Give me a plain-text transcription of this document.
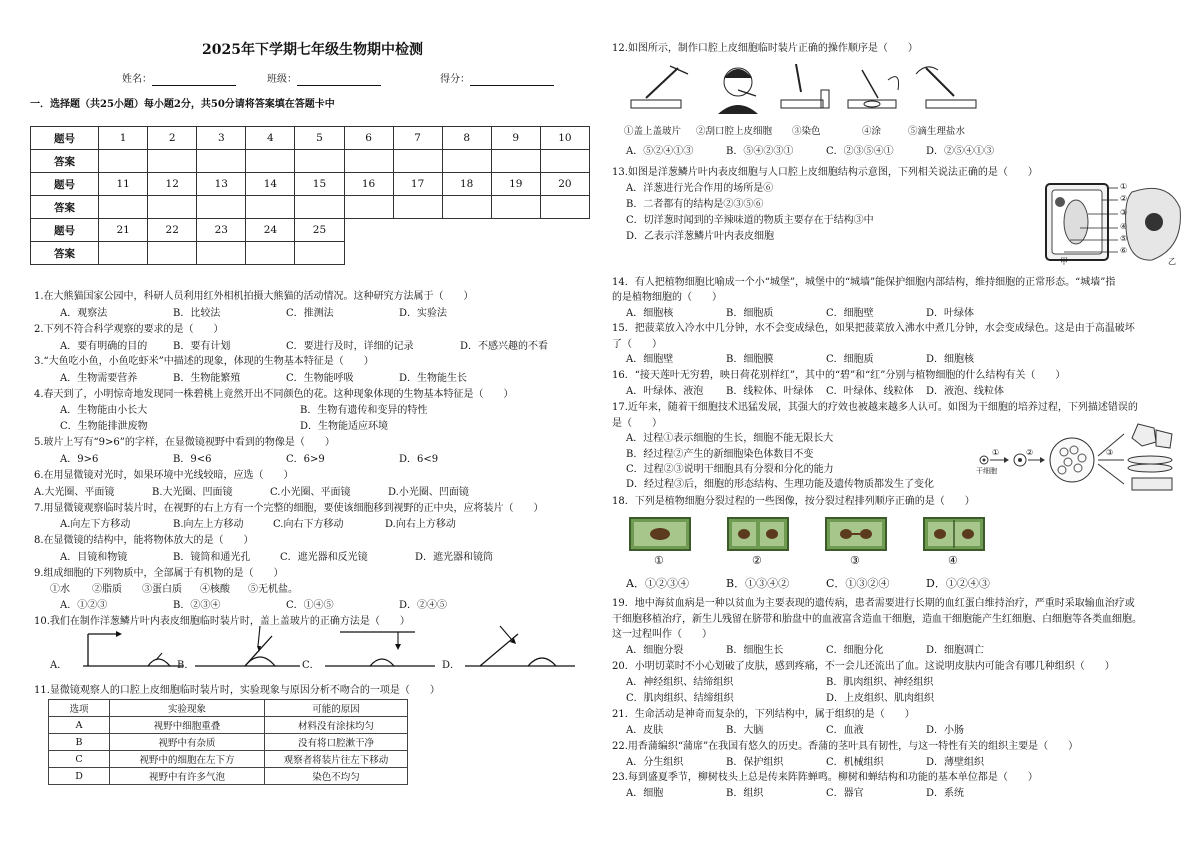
2025年下学期七年级生物期中检测
姓名：	班级：	得分：
一．选择题（共25小题）每小题2分，共50分请将答案填在答题卡中
题号	1	2	3	4	5	6	7	8	9	10
答案										
题号	11	12	13	14	15	16	17	18	19	20
答案										
题号	21	22	23	24	25					
答案										
1.在大熊猫国家公园中，科研人员利用红外相机拍摄大熊猫的活动情况。这种研究方法属于（　　）
A．观察法	B．比较法	C．推测法	D．实验法
2.下列不符合科学观察的要求的是（　　）
A．要有明确的目的	B．要有计划	C．要进行及时，详细的记录	D．不感兴趣的不看
3.“大鱼吃小鱼，小鱼吃虾米”中描述的现象，体现的生物基本特征是（　　）
A．生物需要营养	B．生物能繁殖	C．生物能呼吸	D．生物能生长
4.春天到了，小明惊奇地发现同一株碧桃上竟然开出不同颜色的花。这种现象体现的生物基本特征是（　　）
A．生物能由小长大	B．生物有遗传和变异的特性
C．生物能排泄废物	D．生物能适应环境
5.玻片上写有“9>6”的字样，在显微镜视野中看到的物像是（　　）
A．9>6	B．9<6	C．6>9	D．6<9
6.在用显微镜对光时，如果环境中光线较暗，应选（　　）
A.大光圈、平面镜	B.大光圈、凹面镜	C.小光圈、平面镜	D.小光圈、凹面镜
7.用显微镜观察临时装片时，在视野的右上方有一个完整的细胞，要使该细胞移到视野的正中央，应将装片（　　）
A.向左下方移动	B.向左上方移动	C.向右下方移动	D.向右上方移动
8.在显微镜的结构中，能将物体放大的是（　　）
A．目镜和物镜	B．镜筒和通光孔	C．遮光器和反光镜	D．遮光器和镜筒
9.组成细胞的下列物质中，全部属于有机物的是（　　）
①水 ②脂质 ③蛋白质 ④核酸 ⑤无机盐。
A．①②③	B．②③④	C．①④⑤	D．②④⑤
10.我们在制作洋葱鳞片叶内表皮细胞临时装片时，盖上盖玻片的正确方法是（　　）
A．	B．	C．	D．
11.显微镜观察人的口腔上皮细胞临时装片时，实验现象与原因分析不吻合的一项是（　　）
选项	实验现象	可能的原因
A	视野中细胞重叠	材料没有涂抹均匀
B	视野中有杂质	没有将口腔漱干净
C	视野中的细胞在左下方	观察者将装片往左下移动
D	视野中有许多气泡	染色不均匀
12.如图所示，制作口腔上皮细胞临时装片正确的操作顺序是（　　）
①盖上盖玻片 ②刮口腔上皮细胞 ③染色	④涂	⑤滴生理盐水
A．⑤②④①③	B．⑤④②③①	C．②③⑤④①	D．②⑤④①③
13.如图是洋葱鳞片叶内表皮细胞与人口腔上皮细胞结构示意图，下列相关说法正确的是（　　）
A．洋葱进行光合作用的场所是⑥
B．二者都有的结构是②③⑤⑥
C．切洋葱时闻到的辛辣味道的物质主要存在于结构③中
D．乙表示洋葱鳞片叶内表皮细胞
①
②
③
④
⑤
⑥
甲	乙
14．有人把植物细胞比喻成一个小“城堡”，城堡中的“城墙”能保护细胞内部结构，维持细胞的正常形态。“城墙”指
的是植物细胞的（　　）
A．细胞核	B．细胞质	C．细胞壁	D．叶绿体
15．把菠菜放入冷水中几分钟，水不会变成绿色，如果把菠菜放入沸水中煮几分钟，水会变成绿色。这是由于高温破坏
了（　　）
A．细胞壁	B．细胞膜	C．细胞质	D．细胞核
16．“接天莲叶无穷碧，映日荷花别样红”，其中的“碧”和“红”分别与植物细胞的什么结构有关（　　）
A．叶绿体、液泡 B．线粒体、叶绿体 C．叶绿体、线粒体 D．液泡、线粒体
17.近年来，随着干细胞技术迅猛发展，其强大的疗效也被越来越多人认可。如图为干细胞的培养过程，下列描述错误的
是（　　）
A．过程①表示细胞的生长，细胞不能无限长大
B．经过程②产生的新细胞染色体数目不变
C．过程②③说明干细胞具有分裂和分化的能力
D．经过程③后，细胞的形态结构、生理功能及遗传物质都发生了变化
干细胞
①	②	③
18．下列是植物细胞分裂过程的一些图像，按分裂过程排列顺序正确的是（　　）
①	②	③	④
A．①②③④	B．①③④②	C．①③②④	D．①②④③
19．地中海贫血病是一种以贫血为主要表现的遗传病，患者需要进行长期的血红蛋白维持治疗，严重时采取输血治疗或
干细胞移植治疗，新生儿残留在脐带和胎盘中的血液富含造血干细胞，造血干细胞能产生红细胞、白细胞等各类血细胞。
这一过程叫作（　　）
A．细胞分裂	B．细胞生长	C．细胞分化	D．细胞凋亡
20．小明切菜时不小心划破了皮肤，感到疼痛，不一会儿还流出了血。这说明皮肤内可能含有哪几种组织（　　）
A．神经组织、结缔组织	B．肌肉组织、神经组织
C．肌肉组织、结缔组织	D．上皮组织、肌肉组织
21．生命活动是神奇而复杂的，下列结构中，属于组织的是（　　）
A．皮肤	B．大脑	C．血液	D．小肠
22.用香蒲编织“蒲席”在我国有悠久的历史。香蒲的茎叶具有韧性，与这一特性有关的组织主要是（　　）
A．分生组织	B．保护组织	C．机械组织	D．薄壁组织
23.每到盛夏季节，柳树枝头上总是传来阵阵蝉鸣。柳树和蝉结构和功能的基本单位都是（　　）
A．细胞	B．组织	C．器官	D．系统
